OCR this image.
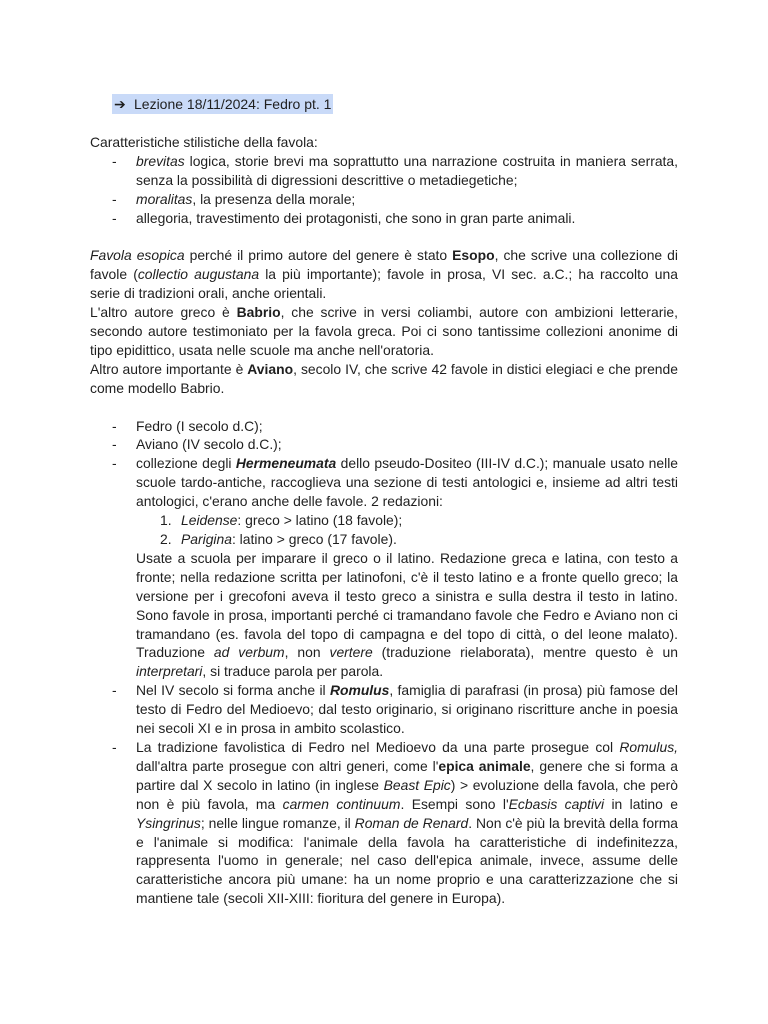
➔ Lezione 18/11/2024: Fedro pt. 1

Caratteristiche stilistiche della favola:

- brevitas logica, storie brevi ma soprattutto una narrazione costruita in maniera serrata, senza la possibilità di digressioni descrittive o metadiegetiche;
- moralitas, la presenza della morale;
- allegoria, travestimento dei protagonisti, che sono in gran parte animali.

Favola esopica perché il primo autore del genere è stato Esopo, che scrive una collezione di favole (collectio augustana la più importante); favole in prosa, VI sec. a.C.; ha raccolto una serie di tradizioni orali, anche orientali.

L'altro autore greco è Babrio, che scrive in versi coliambi, autore con ambizioni letterarie, secondo autore testimoniato per la favola greca. Poi ci sono tantissime collezioni anonime di tipo epidittico, usata nelle scuole ma anche nell'oratoria.

Altro autore importante è Aviano, secolo IV, che scrive 42 favole in distici elegiaci e che prende come modello Babrio.

- Fedro (I secolo d.C);
- Aviano (IV secolo d.C.);
- collezione degli Hermeneumata dello pseudo-Dositeo (III-IV d.C.); manuale usato nelle scuole tardo-antiche, raccoglieva una sezione di testi antologici e, insieme ad altri testi antologici, c'erano anche delle favole. 2 redazioni:
1. Leidense: greco > latino (18 favole);
2. Parigina: latino > greco (17 favole).
Usate a scuola per imparare il greco o il latino. Redazione greca e latina, con testo a fronte; nella redazione scritta per latinofoni, c'è il testo latino e a fronte quello greco; la versione per i grecofoni aveva il testo greco a sinistra e sulla destra il testo in latino. Sono favole in prosa, importanti perché ci tramandano favole che Fedro e Aviano non ci tramandano (es. favola del topo di campagna e del topo di città, o del leone malato). Traduzione ad verbum, non vertere (traduzione rielaborata), mentre questo è un interpretari, si traduce parola per parola.
- Nel IV secolo si forma anche il Romulus, famiglia di parafrasi (in prosa) più famose del testo di Fedro del Medioevo; dal testo originario, si originano riscritture anche in poesia nei secoli XI e in prosa in ambito scolastico.
- La tradizione favolistica di Fedro nel Medioevo da una parte prosegue col Romulus, dall'altra parte prosegue con altri generi, come l'epica animale, genere che si forma a partire dal X secolo in latino (in inglese Beast Epic) > evoluzione della favola, che però non è più favola, ma carmen continuum. Esempi sono l'Ecbasis captivi in latino e Ysingrinus; nelle lingue romanze, il Roman de Renard. Non c'è più la brevità della forma e l'animale si modifica: l'animale della favola ha caratteristiche di indefinitezza, rappresenta l'uomo in generale; nel caso dell'epica animale, invece, assume delle caratteristiche ancora più umane: ha un nome proprio e una caratterizzazione che si mantiene tale (secoli XII-XIII: fioritura del genere in Europa).
